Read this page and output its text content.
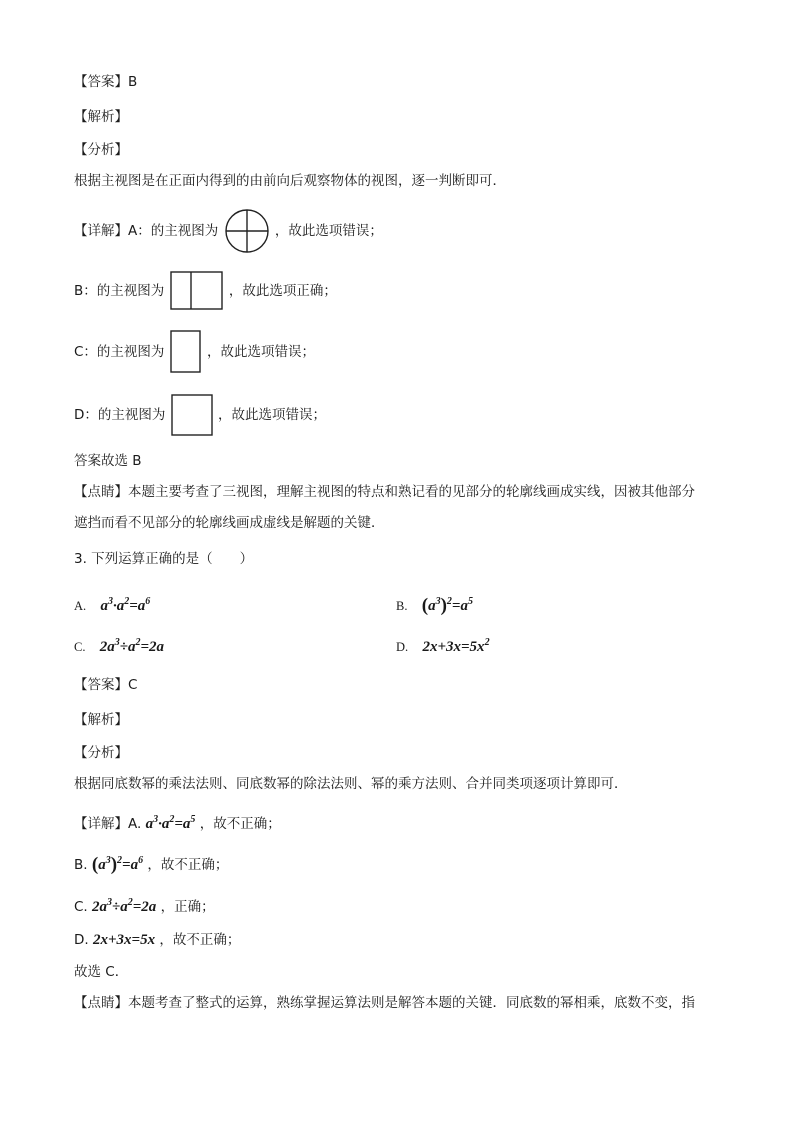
【答案】B
【解析】
【分析】
根据主视图是在正面内得到的由前向后观察物体的视图，逐一判断即可．
【详解】A：的主视图为	，故此选项错误；
B：的主视图为	，故此选项正确；
C：的主视图为	，故此选项错误；
D：的主视图为	，故此选项错误；
答案故选 B
【点睛】本题主要考查了三视图，理解主视图的特点和熟记看的见部分的轮廓线画成实线，因被其他部分
遮挡而看不见部分的轮廓线画成虚线是解题的关键．
3. 下列运算正确的是（　　）
A. $a^3\cdot a^2=a^6$	B. $(a^3)^2=a^5$
C. $2a^3\div a^2=2a$	D. $2x+3x=5x^2$
【答案】C
【解析】
【分析】
根据同底数幂的乘法法则、同底数幂的除法法则、幂的乘方法则、合并同类项逐项计算即可．
【详解】A. $a^3\cdot a^2=a^5$ ，故不正确；
B. $(a^3)^2=a^6$ ，故不正确；
C. $2a^3\div a^2=2a$ ，正确；
D. 2x+3x=5x ，故不正确；
故选 C．
【点睛】本题考查了整式的运算，熟练掌握运算法则是解答本题的关键．同底数的幂相乘，底数不变，指
